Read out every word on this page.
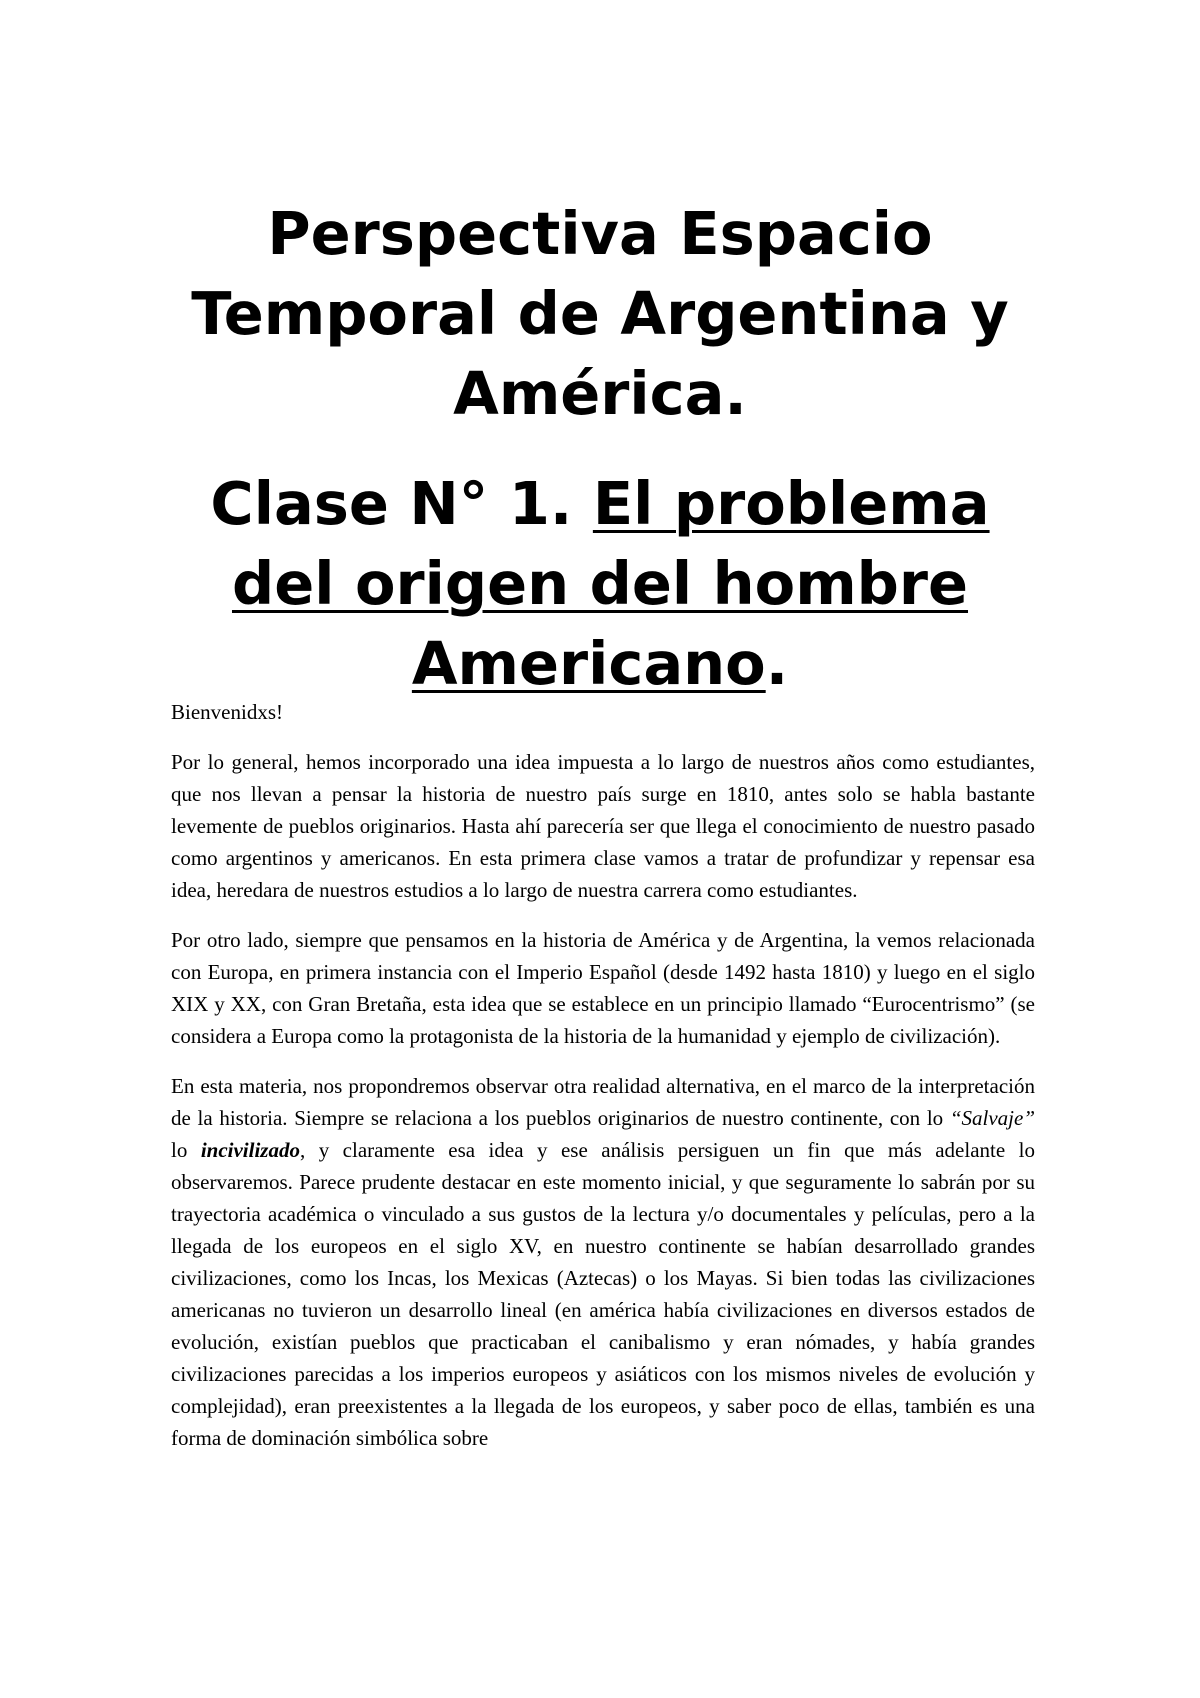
Perspectiva Espacio Temporal de Argentina y América.
Clase N° 1. El problema del origen del hombre Americano.

Bienvenidxs!

Por lo general, hemos incorporado una idea impuesta a lo largo de nuestros años como estudiantes, que nos llevan a pensar la historia de nuestro país surge en 1810, antes solo se habla bastante levemente de pueblos originarios. Hasta ahí parecería ser que llega el conocimiento de nuestro pasado como argentinos y americanos. En esta primera clase vamos a tratar de profundizar y repensar esa idea, heredara de nuestros estudios a lo largo de nuestra carrera como estudiantes.

Por otro lado, siempre que pensamos en la historia de América y de Argentina, la vemos relacionada con Europa, en primera instancia con el Imperio Español (desde 1492 hasta 1810) y luego en el siglo XIX y XX, con Gran Bretaña, esta idea que se establece en un principio llamado “Eurocentrismo” (se considera a Europa como la protagonista de la historia de la humanidad y ejemplo de civilización).

En esta materia, nos propondremos observar otra realidad alternativa, en el marco de la interpretación de la historia. Siempre se relaciona a los pueblos originarios de nuestro continente, con lo “Salvaje” lo incivilizado, y claramente esa idea y ese análisis persiguen un fin que más adelante lo observaremos. Parece prudente destacar en este momento inicial, y que seguramente lo sabrán por su trayectoria académica o vinculado a sus gustos de la lectura y/o documentales y películas, pero a la llegada de los europeos en el siglo XV, en nuestro continente se habían desarrollado grandes civilizaciones, como los Incas, los Mexicas (Aztecas) o los Mayas. Si bien todas las civilizaciones americanas no tuvieron un desarrollo lineal (en américa había civilizaciones en diversos estados de evolución, existían pueblos que practicaban el canibalismo y eran nómades, y había grandes civilizaciones parecidas a los imperios europeos y asiáticos con los mismos niveles de evolución y complejidad), eran preexistentes a la llegada de los europeos, y saber poco de ellas, también es una forma de dominación simbólica sobre
